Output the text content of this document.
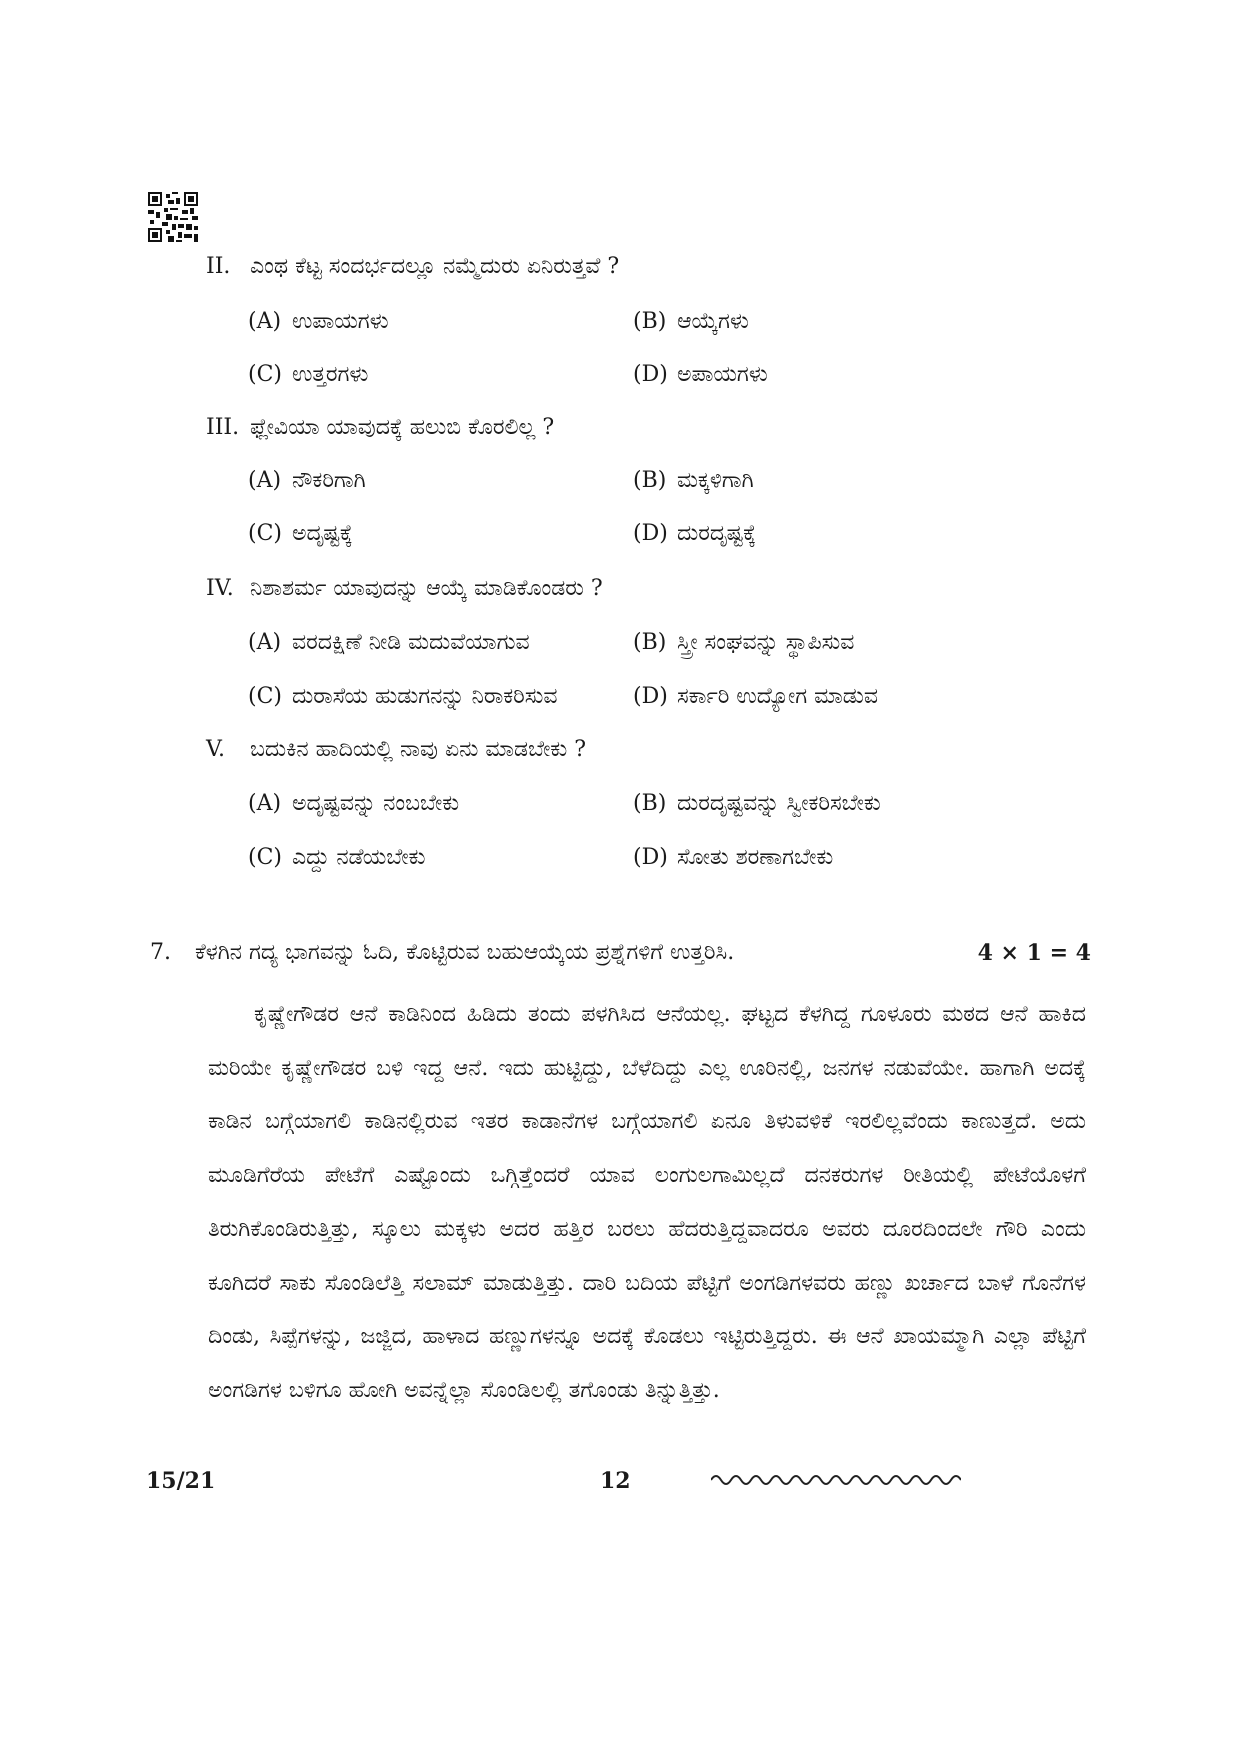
II. ಎಂಥ ಕೆಟ್ಟ ಸಂದರ್ಭದಲ್ಲೂ ನಮ್ಮೆದುರು ಏನಿರುತ್ತವೆ ?
(A) ಉಪಾಯಗಳು	(B) ಆಯ್ಕೆಗಳು
(C) ಉತ್ತರಗಳು	(D) ಅಪಾಯಗಳು
III. ಫ್ಲೇವಿಯಾ ಯಾವುದಕ್ಕೆ ಹಲುಬಿ ಕೊರಲಿಲ್ಲ ?
(A) ನೌಕರಿಗಾಗಿ	(B) ಮಕ್ಕಳಿಗಾಗಿ
(C) ಅದೃಷ್ಟಕ್ಕೆ	(D) ದುರದೃಷ್ಟಕ್ಕೆ
IV. ನಿಶಾಶರ್ಮ ಯಾವುದನ್ನು ಆಯ್ಕೆ ಮಾಡಿಕೊಂಡರು ?
(A) ವರದಕ್ಷಿಣೆ ನೀಡಿ ಮದುವೆಯಾಗುವ	(B) ಸ್ತ್ರೀ ಸಂಘವನ್ನು ಸ್ಥಾಪಿಸುವ
(C) ದುರಾಸೆಯ ಹುಡುಗನನ್ನು ನಿರಾಕರಿಸುವ	(D) ಸರ್ಕಾರಿ ಉದ್ಯೋಗ ಮಾಡುವ
V.	ಬದುಕಿನ ಹಾದಿಯಲ್ಲಿ ನಾವು ಏನು ಮಾಡಬೇಕು ?
(A) ಅದೃಷ್ಟವನ್ನು ನಂಬಬೇಕು	(B) ದುರದೃಷ್ಟವನ್ನು ಸ್ವೀಕರಿಸಬೇಕು
(C) ಎದ್ದು ನಡೆಯಬೇಕು	(D) ಸೋತು ಶರಣಾಗಬೇಕು
7. ಕೆಳಗಿನ ಗದ್ಯ ಭಾಗವನ್ನು ಓದಿ, ಕೊಟ್ಟಿರುವ ಬಹುಆಯ್ಕೆಯ ಪ್ರಶ್ನೆಗಳಿಗೆ ಉತ್ತರಿಸಿ.	4 × 1 = 4
ಕೃಷ್ಣೇಗೌಡರ ಆನೆ ಕಾಡಿನಿಂದ ಹಿಡಿದು ತಂದು ಪಳಗಿಸಿದ ಆನೆಯಲ್ಲ. ಘಟ್ಟದ ಕೆಳಗಿದ್ದ ಗೂಳೂರು ಮಠದ ಆನೆ ಹಾಕಿದ ಮರಿಯೇ ಕೃಷ್ಣೇಗೌಡರ ಬಳಿ ಇದ್ದ ಆನೆ. ಇದು ಹುಟ್ಟಿದ್ದು, ಬೆಳೆದಿದ್ದು ಎಲ್ಲ ಊರಿನಲ್ಲಿ, ಜನಗಳ ನಡುವೆಯೇ. ಹಾಗಾಗಿ ಅದಕ್ಕೆ ಕಾಡಿನ ಬಗ್ಗೆಯಾಗಲಿ ಕಾಡಿನಲ್ಲಿರುವ ಇತರ ಕಾಡಾನೆಗಳ ಬಗ್ಗೆಯಾಗಲಿ ಏನೂ ತಿಳುವಳಿಕೆ ಇರಲಿಲ್ಲವೆಂದು ಕಾಣುತ್ತದೆ. ಅದು ಮೂಡಿಗೆರೆಯ ಪೇಟೆಗೆ ಎಷ್ಟೊಂದು ಒಗ್ಗಿತ್ತೆಂದರೆ ಯಾವ ಲಂಗುಲಗಾಮಿಲ್ಲದೆ ದನಕರುಗಳ ರೀತಿಯಲ್ಲಿ ಪೇಟೆಯೊಳಗೆ ತಿರುಗಿಕೊಂಡಿರುತ್ತಿತ್ತು, ಸ್ಕೂಲು ಮಕ್ಕಳು ಅದರ ಹತ್ತಿರ ಬರಲು ಹೆದರುತ್ತಿದ್ದವಾದರೂ ಅವರು ದೂರದಿಂದಲೇ ಗೌರಿ ಎಂದು ಕೂಗಿದರೆ ಸಾಕು ಸೊಂಡಿಲೆತ್ತಿ ಸಲಾಮ್ ಮಾಡುತ್ತಿತ್ತು. ದಾರಿ ಬದಿಯ ಪೆಟ್ಟಿಗೆ ಅಂಗಡಿಗಳವರು ಹಣ್ಣು ಖರ್ಚಾದ ಬಾಳೆ ಗೊನೆಗಳ ದಿಂಡು, ಸಿಪ್ಪೆಗಳನ್ನು, ಜಜ್ಜಿದ, ಹಾಳಾದ ಹಣ್ಣುಗಳನ್ನೂ ಅದಕ್ಕೆ ಕೊಡಲು ಇಟ್ಟಿರುತ್ತಿದ್ದರು. ಈ ಆನೆ ಖಾಯಮ್ಮಾಗಿ ಎಲ್ಲಾ ಪೆಟ್ಟಿಗೆ ಅಂಗಡಿಗಳ ಬಳಿಗೂ ಹೋಗಿ ಅವನ್ನೆಲ್ಲಾ ಸೊಂಡಿಲಲ್ಲಿ ತಗೊಂಡು ತಿನ್ನುತ್ತಿತ್ತು.
15/21	12
